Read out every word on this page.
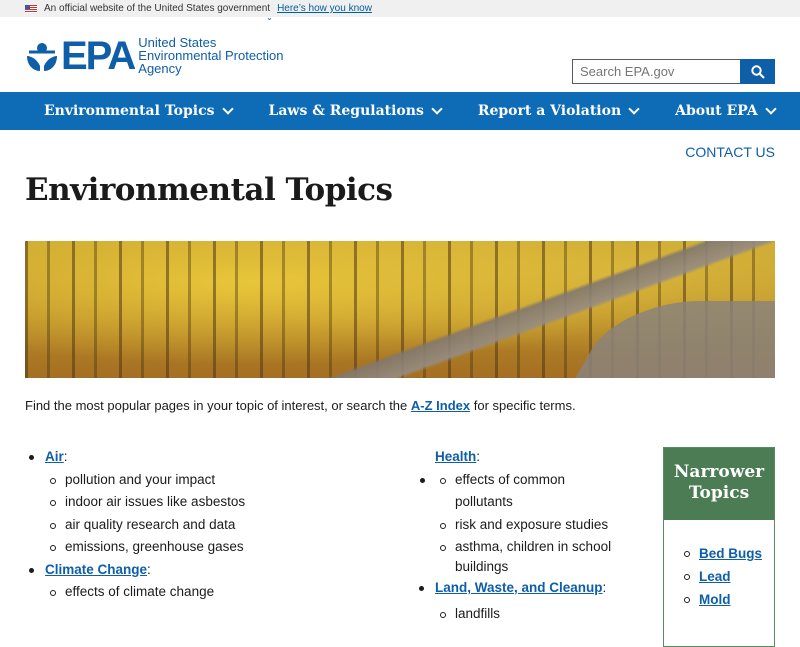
An official website of the United States government Here’s how you know
⌄
EPA United States
Environmental Protection
Agency
Search EPA.gov
Environmental Topics	Laws & Regulations	Report a Violation	About EPA
CONTACT US
Environmental Topics

Find the most popular pages in your topic of interest, or search the A-Z Index for specific terms.

Air:
pollution and your impact
indoor air issues like asbestos
air quality research and data
emissions, greenhouse gases
Climate Change:
effects of climate change
Health:
effects of common pollutants
risk and exposure studies
asthma, children in school buildings
Land, Waste, and Cleanup:
landfills
Narrower Topics
Bed Bugs
Lead
Mold
